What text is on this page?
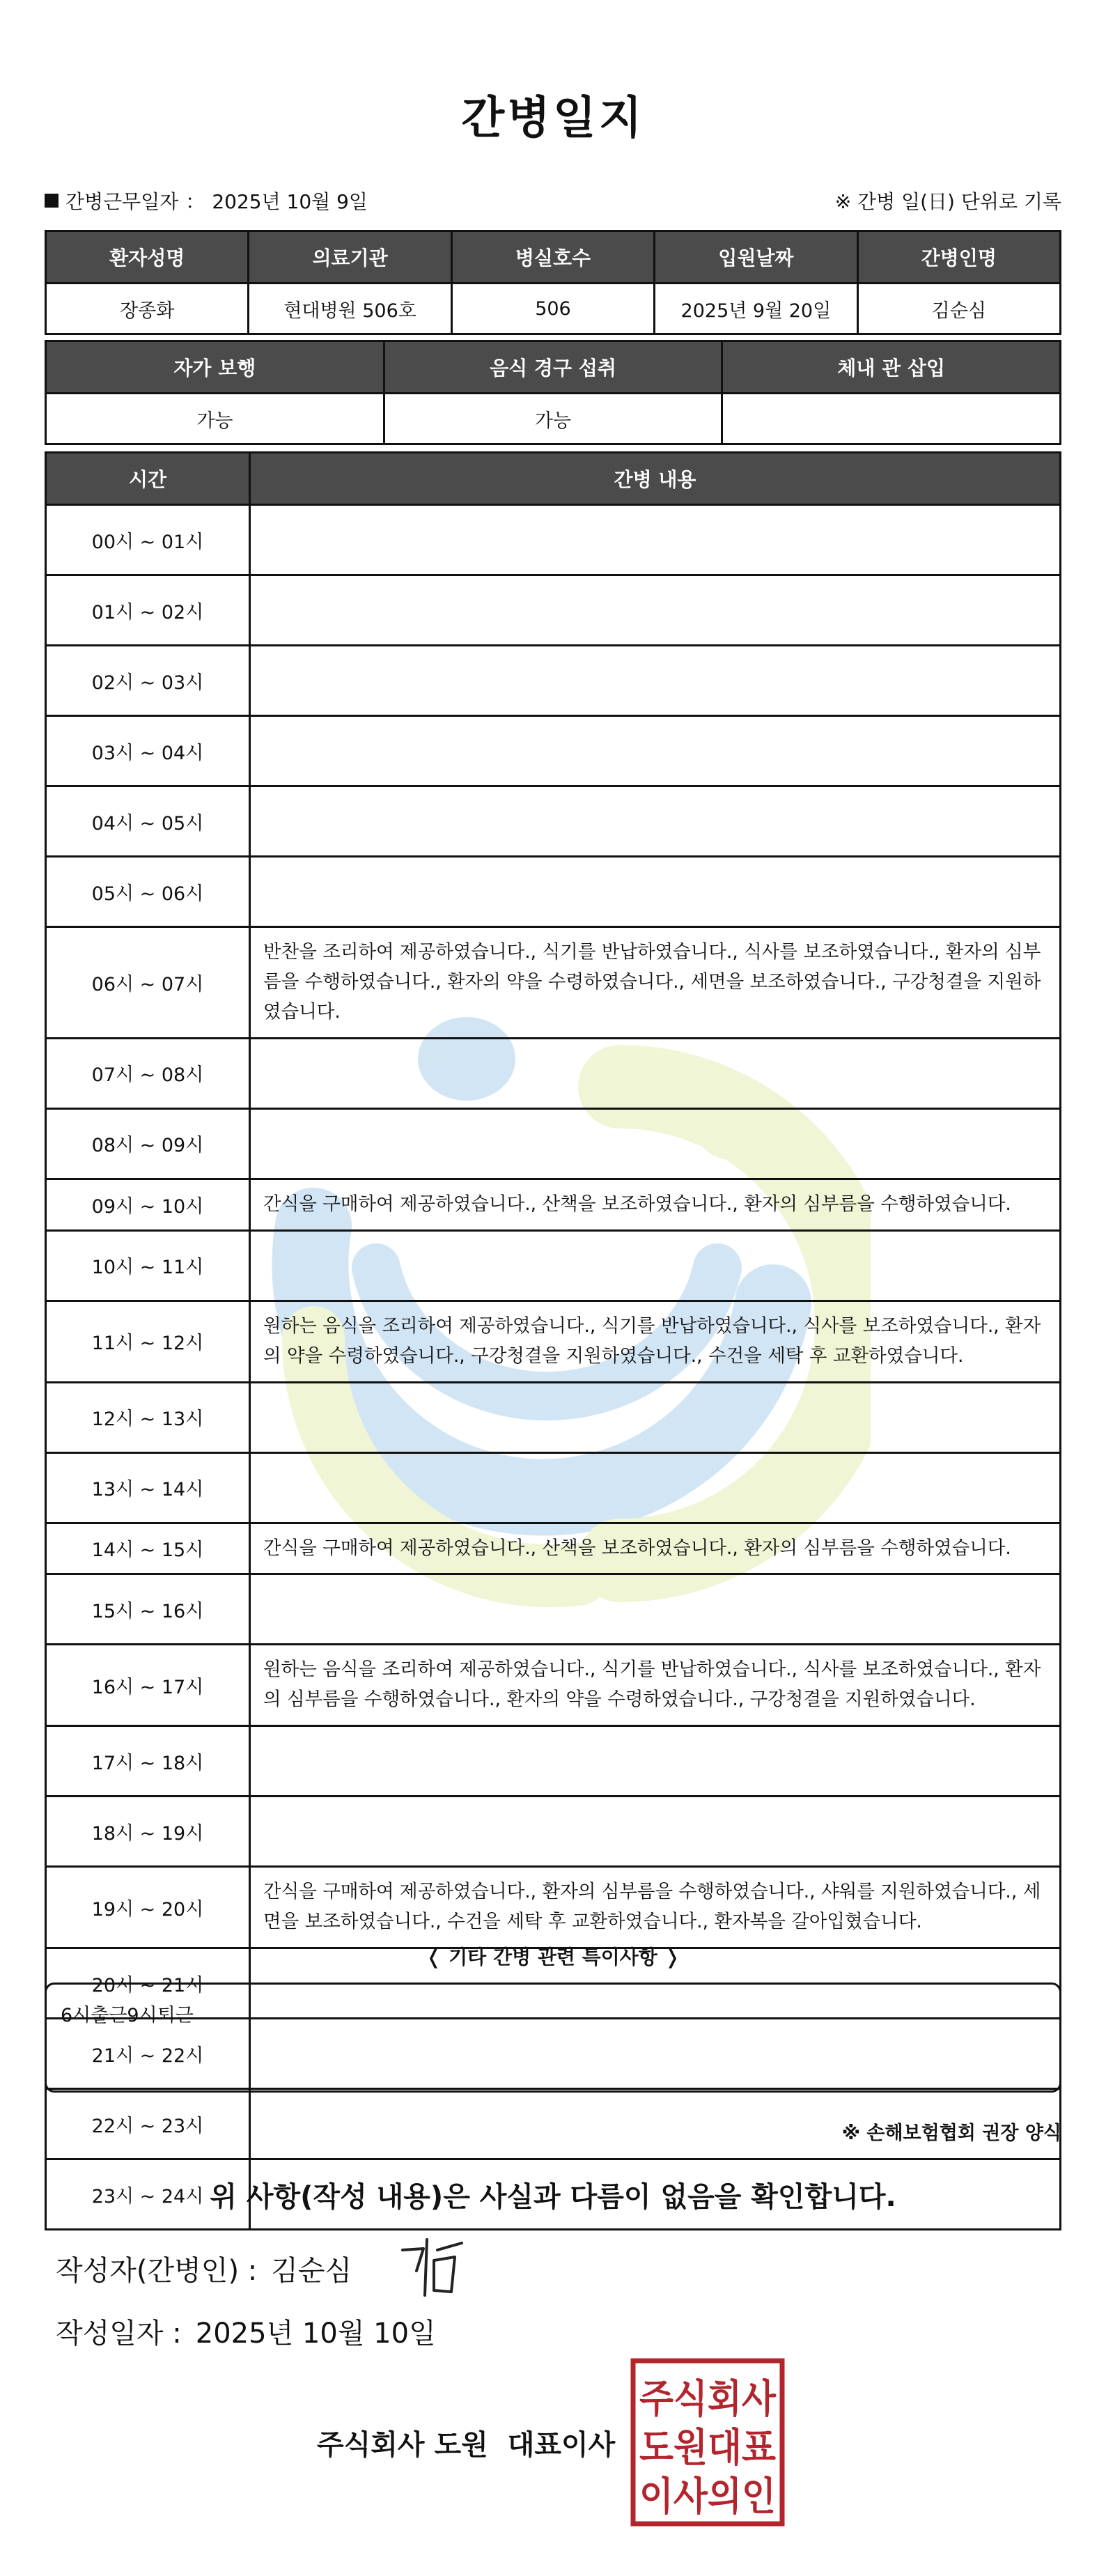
간병일지
간병근무일자 ： 2025년 10월 9일	※ 간병 일(日) 단위로 기록
환자성명	의료기관	병실호수	입원날짜	간병인명
장종화	현대병원 506호	506	2025년 9월 20일	김순심
자가 보행	음식 경구 섭취	체내 관 삽입
가능	가능	
시간	간병 내용
00시 ~ 01시	
01시 ~ 02시	
02시 ~ 03시	
03시 ~ 04시	
04시 ~ 05시	
05시 ~ 06시	
06시 ~ 07시	반찬을 조리하여 제공하였습니다., 식기를 반납하였습니다., 식사를 보조하였습니다., 환자의 심부름을 수행하였습니다., 환자의 약을 수령하였습니다., 세면을 보조하였습니다., 구강청결을 지원하였습니다.
07시 ~ 08시	
08시 ~ 09시	
09시 ~ 10시	간식을 구매하여 제공하였습니다., 산책을 보조하였습니다., 환자의 심부름을 수행하였습니다.
10시 ~ 11시	
11시 ~ 12시	원하는 음식을 조리하여 제공하였습니다., 식기를 반납하였습니다., 식사를 보조하였습니다., 환자의 약을 수령하였습니다., 구강청결을 지원하였습니다., 수건을 세탁 후 교환하였습니다.
12시 ~ 13시	
13시 ~ 14시	
14시 ~ 15시	간식을 구매하여 제공하였습니다., 산책을 보조하였습니다., 환자의 심부름을 수행하였습니다.
15시 ~ 16시	
16시 ~ 17시	원하는 음식을 조리하여 제공하였습니다., 식기를 반납하였습니다., 식사를 보조하였습니다., 환자의 심부름을 수행하였습니다., 환자의 약을 수령하였습니다., 구강청결을 지원하였습니다.
17시 ~ 18시	
18시 ~ 19시	
19시 ~ 20시	간식을 구매하여 제공하였습니다., 환자의 심부름을 수행하였습니다., 샤워를 지원하였습니다., 세면을 보조하였습니다., 수건을 세탁 후 교환하였습니다., 환자복을 갈아입혔습니다.
20시 ~ 21시	
21시 ~ 22시	
22시 ~ 23시	
23시 ~ 24시	
❬ 기타 간병 관련 특이사항 ❭
6시출근9시퇴근
※ 손해보험협회 권장 양식
위 사항(작성 내용)은 사실과 다름이 없음을 확인합니다.
작성자(간병인) : 김순심
작성일자 : 2025년 10월 10일
주식회사 도원 대표이사
주식회사
도원대표
이사의인
